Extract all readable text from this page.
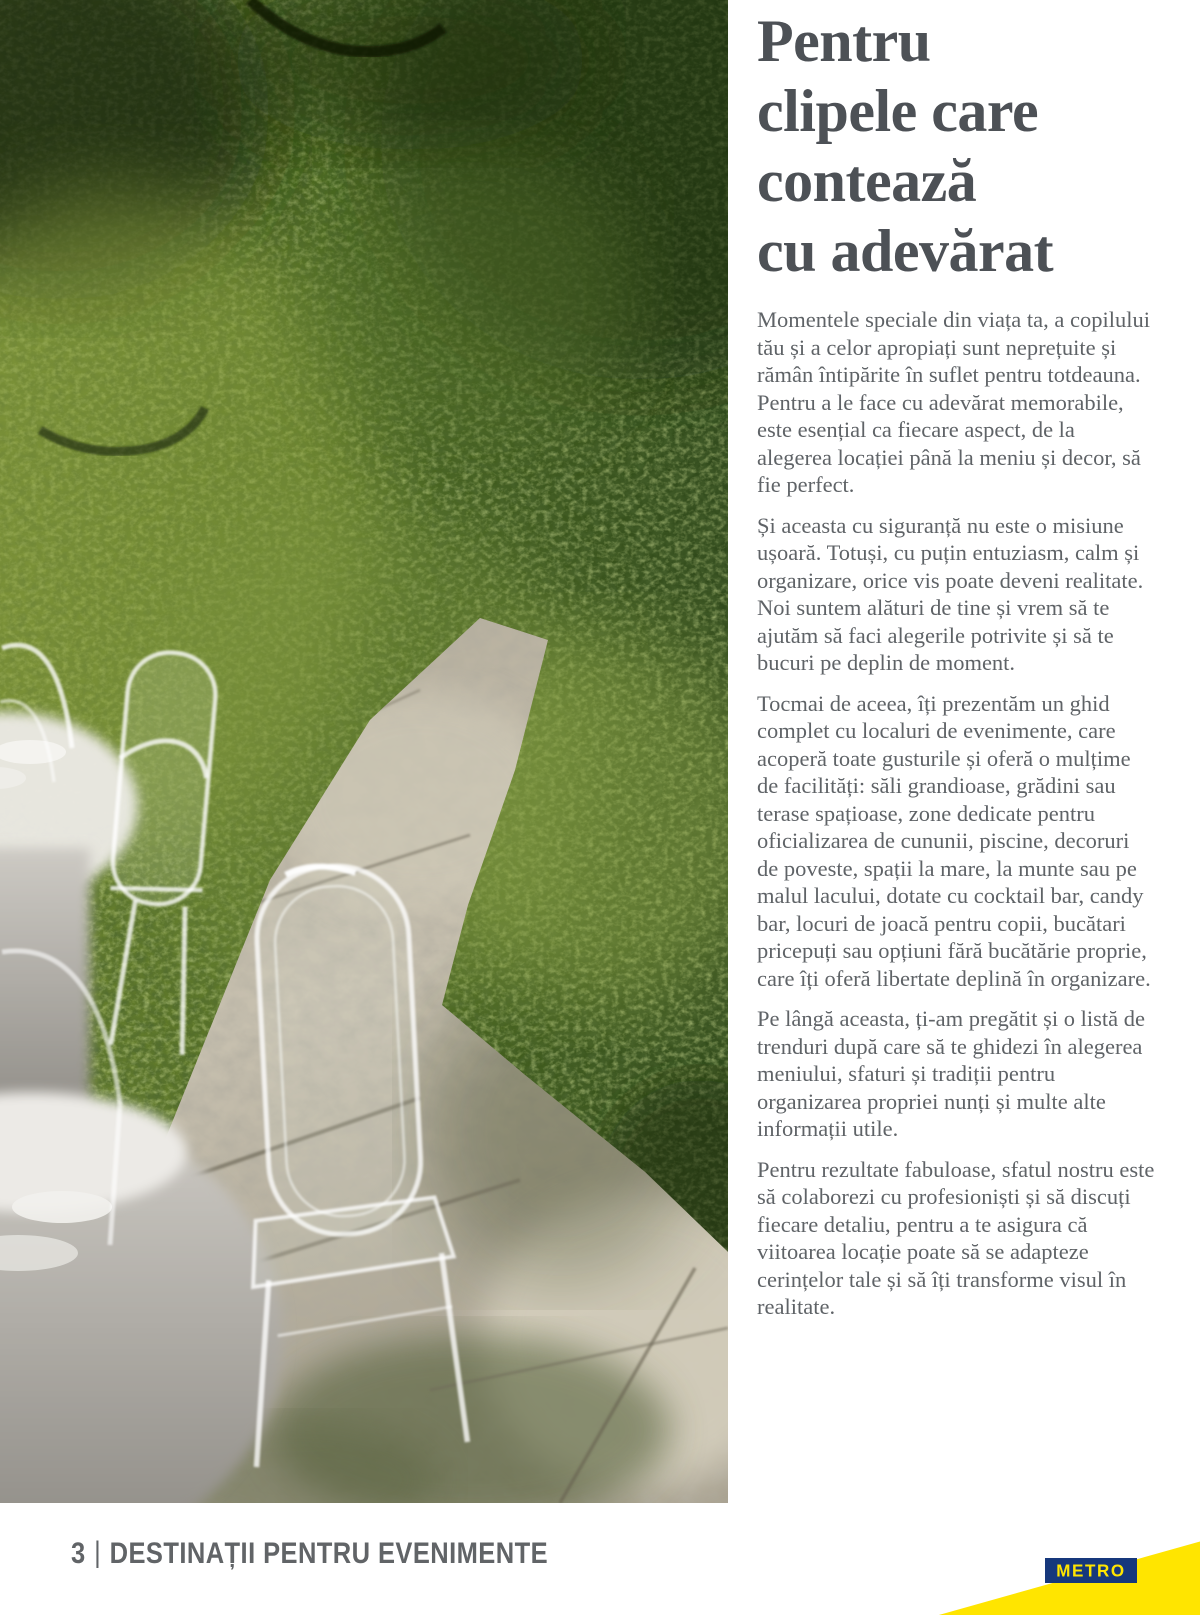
Pentru
clipele care
contează
cu adevărat

Momentele speciale din viața ta, a copilului tău și a celor apropiați sunt neprețuite și rămân întipărite în suflet pentru totdeauna. Pentru a le face cu adevărat memorabile, este esențial ca fiecare aspect, de la alegerea locației până la meniu și decor, să fie perfect.

Și aceasta cu siguranță nu este o misiune ușoară. Totuși, cu puțin entuziasm, calm și organizare, orice vis poate deveni realitate. Noi suntem alături de tine și vrem să te ajutăm să faci alegerile potrivite și să te bucuri pe deplin de moment.

Tocmai de aceea, îți prezentăm un ghid complet cu localuri de evenimente, care acoperă toate gusturile și oferă o mulțime de facilități: săli grandioase, grădini sau terase spațioase, zone dedicate pentru oficializarea de cununii, piscine, decoruri de poveste, spații la mare, la munte sau pe malul lacului, dotate cu cocktail bar, candy bar, locuri de joacă pentru copii, bucătari pricepuți sau opțiuni fără bucătărie proprie, care îți oferă libertate deplină în organizare.

Pe lângă aceasta, ți-am pregătit și o listă de trenduri după care să te ghidezi în alegerea meniului, sfaturi și tradiții pentru organizarea propriei nunți și multe alte informații utile.

Pentru rezultate fabuloase, sfatul nostru este să colaborezi cu profesioniști și să discuți fiecare detaliu, pentru a te asigura că viitoarea locație poate să se adapteze cerințelor tale și să îți transforme visul în realitate.

3 | DESTINAȚII PENTRU EVENIMENTE
METRO
